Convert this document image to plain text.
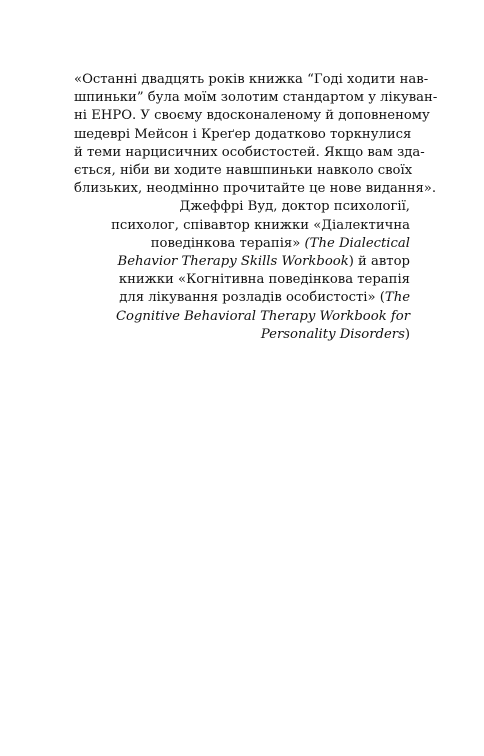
«Останні двадцять років книжка “Годі ходити нав-
шпиньки” була моїм золотим стандартом у лікуван-
ні ЕНРО. У своєму вдосконаленому й доповненому
шедеврі Мейсон і Креґер додатково торкнулися
й теми нарцисичних особистостей. Якщо вам зда-
ється, ніби ви ходите навшпиньки навколо своїх
близьких, неодмінно прочитайте це нове видання».

Джеффрі Вуд, доктор психології,
психолог, співавтор книжки «Діалектична
поведінкова терапія» (The Dialectical
Behavior Therapy Skills Workbook) й автор
книжки «Когнітивна поведінкова терапія
для лікування розладів особистості» (The
Cognitive Behavioral Therapy Workbook for
Personality Disorders)
